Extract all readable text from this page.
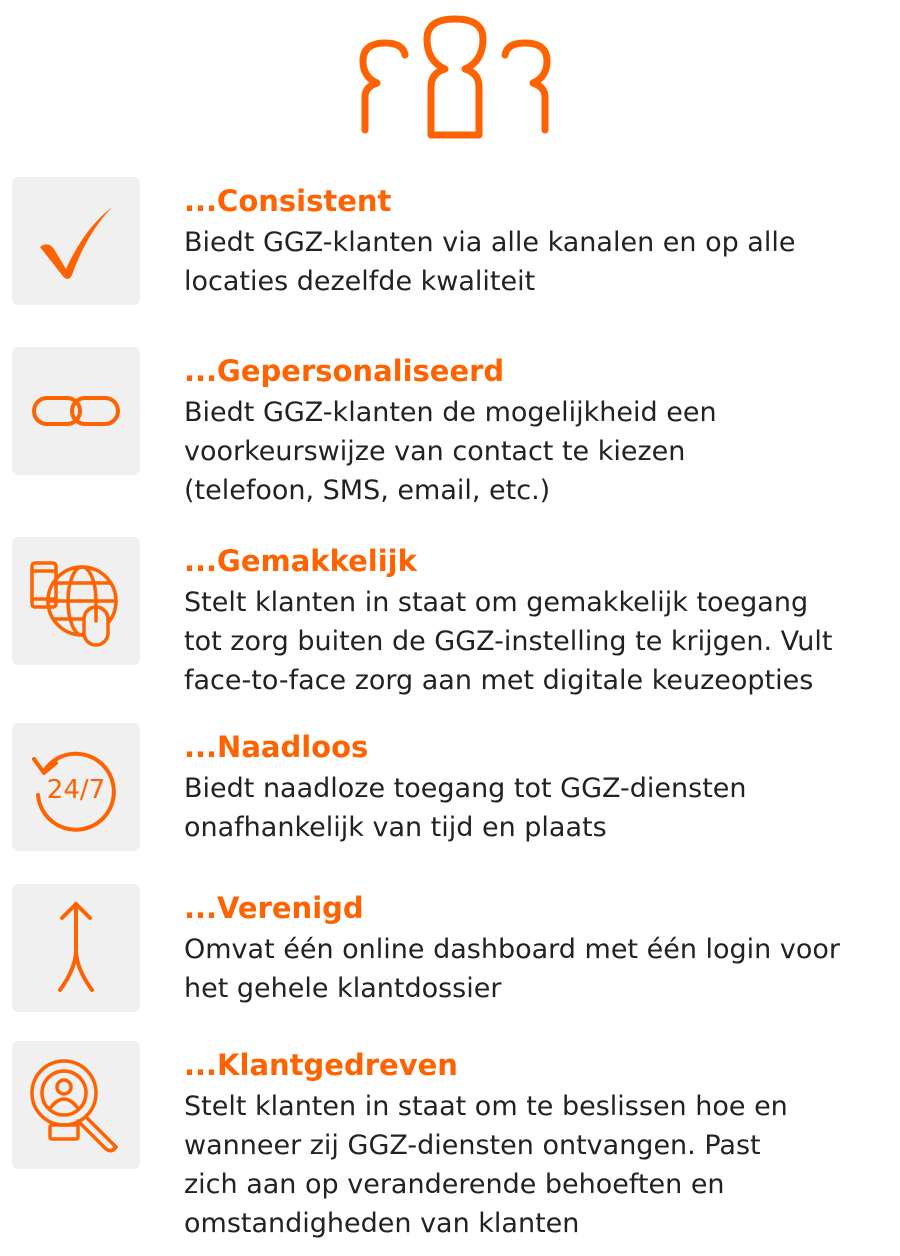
...Consistent

Biedt GGZ-klanten via alle kanalen en op alle
locaties dezelfde kwaliteit

...Gepersonaliseerd

Biedt GGZ-klanten de mogelijkheid een
voorkeurswijze van contact te kiezen
(telefoon, SMS, email, etc.)

...Gemakkelijk

Stelt klanten in staat om gemakkelijk toegang
tot zorg buiten de GGZ-instelling te krijgen. Vult
face-to-face zorg aan met digitale keuzeopties

24/7
...Naadloos

Biedt naadloze toegang tot GGZ-diensten
onafhankelijk van tijd en plaats

...Verenigd

Omvat één online dashboard met één login voor
het gehele klantdossier

...Klantgedreven

Stelt klanten in staat om te beslissen hoe en
wanneer zij GGZ-diensten ontvangen. Past
zich aan op veranderende behoeften en
omstandigheden van klanten
